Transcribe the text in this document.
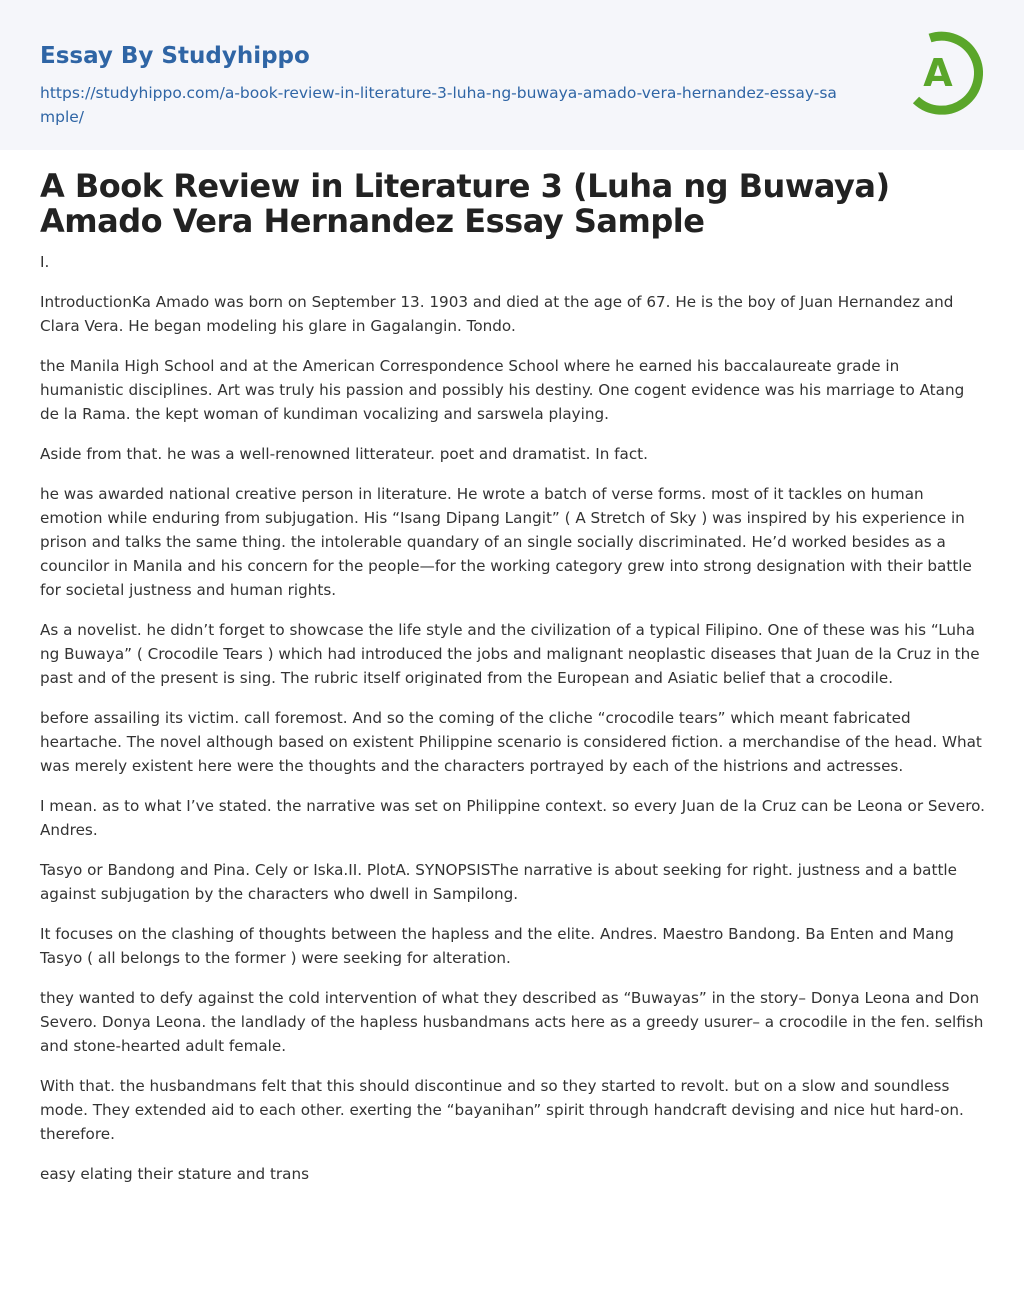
Essay By Studyhippo
https://studyhippo.com/a-book-review-in-literature-3-luha-ng-buwaya-amado-vera-hernandez-essay-sample/
A
A Book Review in Literature 3 (Luha ng Buwaya) Amado Vera Hernandez Essay Sample

I.

IntroductionKa Amado was born on September 13. 1903 and died at the age of 67. He is the boy of Juan Hernandez and Clara Vera. He began modeling his glare in Gagalangin. Tondo.

the Manila High School and at the American Correspondence School where he earned his baccalaureate grade in humanistic disciplines. Art was truly his passion and possibly his destiny. One cogent evidence was his marriage to Atang de la Rama. the kept woman of kundiman vocalizing and sarswela playing.

Aside from that. he was a well-renowned litterateur. poet and dramatist. In fact.

he was awarded national creative person in literature. He wrote a batch of verse forms. most of it tackles on human emotion while enduring from subjugation. His “Isang Dipang Langit” ( A Stretch of Sky ) was inspired by his experience in prison and talks the same thing. the intolerable quandary of an single socially discriminated. He’d worked besides as a councilor in Manila and his concern for the people—for the working category grew into strong designation with their battle for societal justness and human rights.

As a novelist. he didn’t forget to showcase the life style and the civilization of a typical Filipino. One of these was his “Luha ng Buwaya” ( Crocodile Tears ) which had introduced the jobs and malignant neoplastic diseases that Juan de la Cruz in the past and of the present is sing. The rubric itself originated from the European and Asiatic belief that a crocodile.

before assailing its victim. call foremost. And so the coming of the cliche “crocodile tears” which meant fabricated heartache. The novel although based on existent Philippine scenario is considered fiction. a merchandise of the head. What was merely existent here were the thoughts and the characters portrayed by each of the histrions and actresses.

I mean. as to what I’ve stated. the narrative was set on Philippine context. so every Juan de la Cruz can be Leona or Severo. Andres.

Tasyo or Bandong and Pina. Cely or Iska.II. PlotA. SYNOPSISThe narrative is about seeking for right. justness and a battle against subjugation by the characters who dwell in Sampilong.

It focuses on the clashing of thoughts between the hapless and the elite. Andres. Maestro Bandong. Ba Enten and Mang Tasyo ( all belongs to the former ) were seeking for alteration.

they wanted to defy against the cold intervention of what they described as “Buwayas” in the story– Donya Leona and Don Severo. Donya Leona. the landlady of the hapless husbandmans acts here as a greedy usurer– a crocodile in the fen. selfish and stone-hearted adult female.

With that. the husbandmans felt that this should discontinue and so they started to revolt. but on a slow and soundless mode. They extended aid to each other. exerting the “bayanihan” spirit through handcraft devising and nice hut hard-on. therefore.

easy elating their stature and trans
